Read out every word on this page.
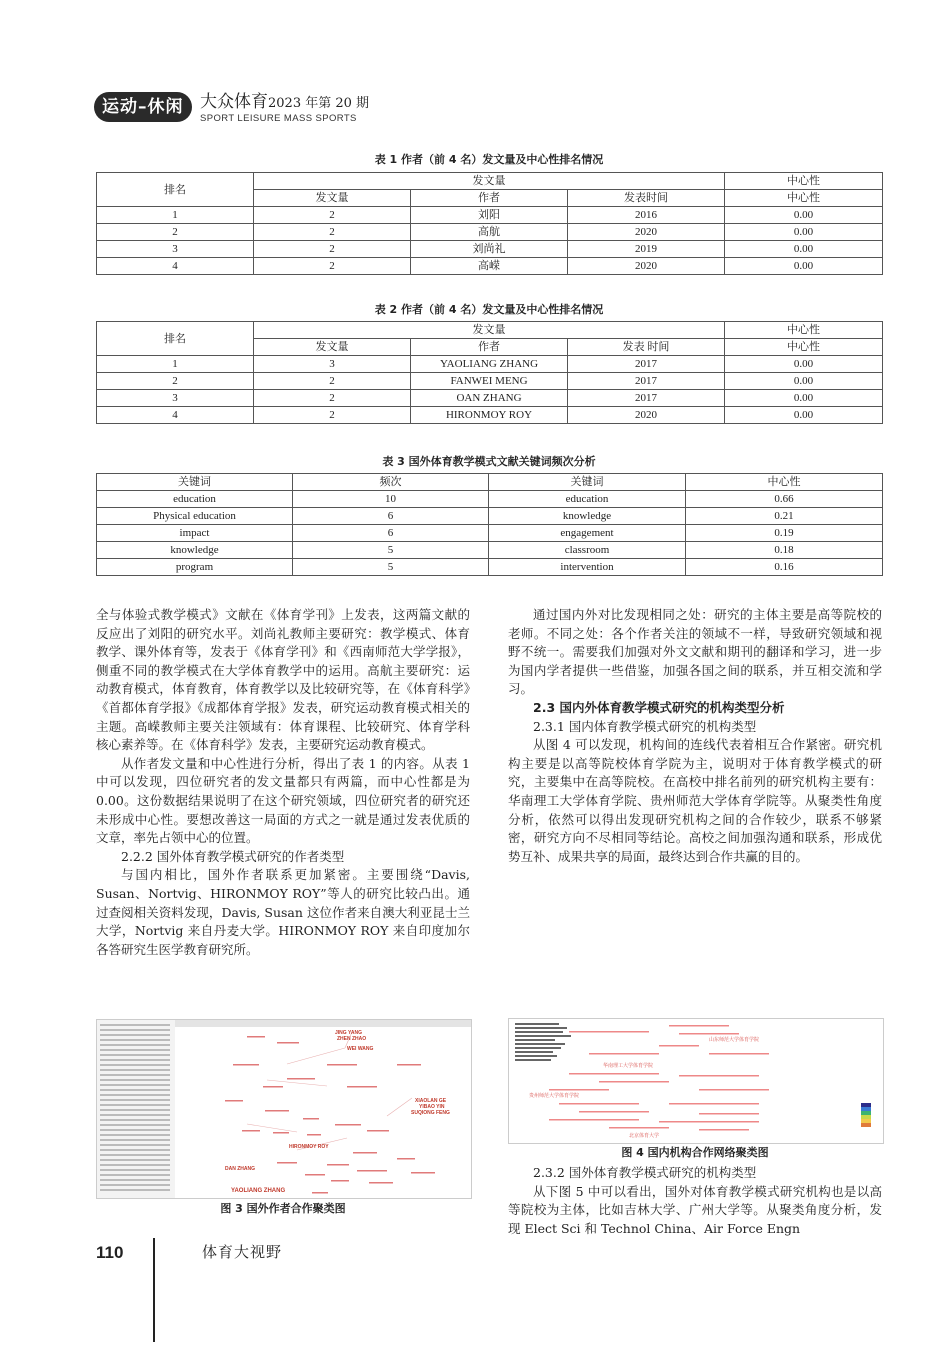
运动–休闲 大众体育2023 年第 20 期
SPORT LEISURE MASS SPORTS
表 1 作者（前 4 名）发文量及中心性排名情况
排名	发文量			中心性
	发文量	作者	发表时间	中心性
1	2	刘阳	2016	0.00
2	2	高航	2020	0.00
3	2	刘尚礼	2019	0.00
4	2	高嵘	2020	0.00
表 2 作者（前 4 名）发文量及中心性排名情况
排名	发文量			中心性
	发文量	作者	发表 时间	中心性
1	3	YAOLIANG ZHANG	2017	0.00
2	2	FANWEI MENG	2017	0.00
3	2	OAN ZHANG	2017	0.00
4	2	HIRONMOY ROY	2020	0.00
表 3 国外体育教学模式文献关键词频次分析
关键词	频次	关键词	中心性
education	10	education	0.66
Physical education	6	knowledge	0.21
impact	6	engagement	0.19
knowledge	5	classroom	0.18
program	5	intervention	0.16

全与体验式教学模式》文献在《体育学刊》上发表，这两篇文献的反应出了刘阳的研究水平。刘尚礼教师主要研究：教学模式、体育教学、课外体育等，发表于《体育学刊》和《西南师范大学学报》，侧重不同的教学模式在大学体育教学中的运用。高航主要研究：运动教育模式，体育教育，体育教学以及比较研究等，在《体育科学》《首都体育学报》《成都体育学报》发表，研究运动教育模式相关的主题。高嵘教师主要关注领域有：体育课程、比较研究、体育学科核心素养等。在《体育科学》发表，主要研究运动教育模式。

从作者发文量和中心性进行分析，得出了表 1 的内容。从表 1 中可以发现，四位研究者的发文量都只有两篇，而中心性都是为 0.00。这份数据结果说明了在这个研究领域，四位研究者的研究还未形成中心性。要想改善这一局面的方式之一就是通过发表优质的文章，率先占领中心的位置。

2.2.2 国外体育教学模式研究的作者类型

与国内相比，国外作者联系更加紧密。主要围绕“Davis, Susan、Nortvig、HIRONMOY ROY”等人的研究比较凸出。通过查阅相关资料发现，Davis, Susan 这位作者来自澳大利亚昆士兰大学，Nortvig 来自丹麦大学。HIRONMOY ROY 来自印度加尔各答研究生医学教育研究所。

JING YANG
ZHEN ZHAO
WEI WANG
XIAOLAN GE
YIBAO YIN
SUQIONG FENG
HIRONMOY ROY
DAN ZHANG
YAOLIANG ZHANG
图 3 国外作者合作聚类图

通过国内外对比发现相同之处：研究的主体主要是高等院校的老师。不同之处：各个作者关注的领域不一样，导致研究领域和视野不统一。需要我们加强对外文文献和期刊的翻译和学习，进一步为国内学者提供一些借鉴，加强各国之间的联系，并互相交流和学习。

2.3 国内外体育教学模式研究的机构类型分析

2.3.1 国内体育教学模式研究的机构类型

从图 4 可以发现，机构间的连线代表着相互合作紧密。研究机构主要是以高等院校体育学院为主，说明对于体育教学模式的研究，主要集中在高等院校。在高校中排名前列的研究机构主要有：华南理工大学体育学院、贵州师范大学体育学院等。从聚类性角度分析，依然可以得出发现研究机构之间的合作较少，联系不够紧密，研究方向不尽相同等结论。高校之间加强沟通和联系，形成优势互补、成果共享的局面，最终达到合作共赢的目的。

山东师范大学体育学院
华南理工大学体育学院
贵州师范大学体育学院
北京体育大学
图 4 国内机构合作网络聚类图

2.3.2 国外体育教学模式研究的机构类型

从下图 5 中可以看出，国外对体育教学模式研究机构也是以高等院校为主体，比如吉林大学、广州大学等。从聚类角度分析，发现 Elect Sci 和 Technol China、Air Force Engn

110	体育大视野
